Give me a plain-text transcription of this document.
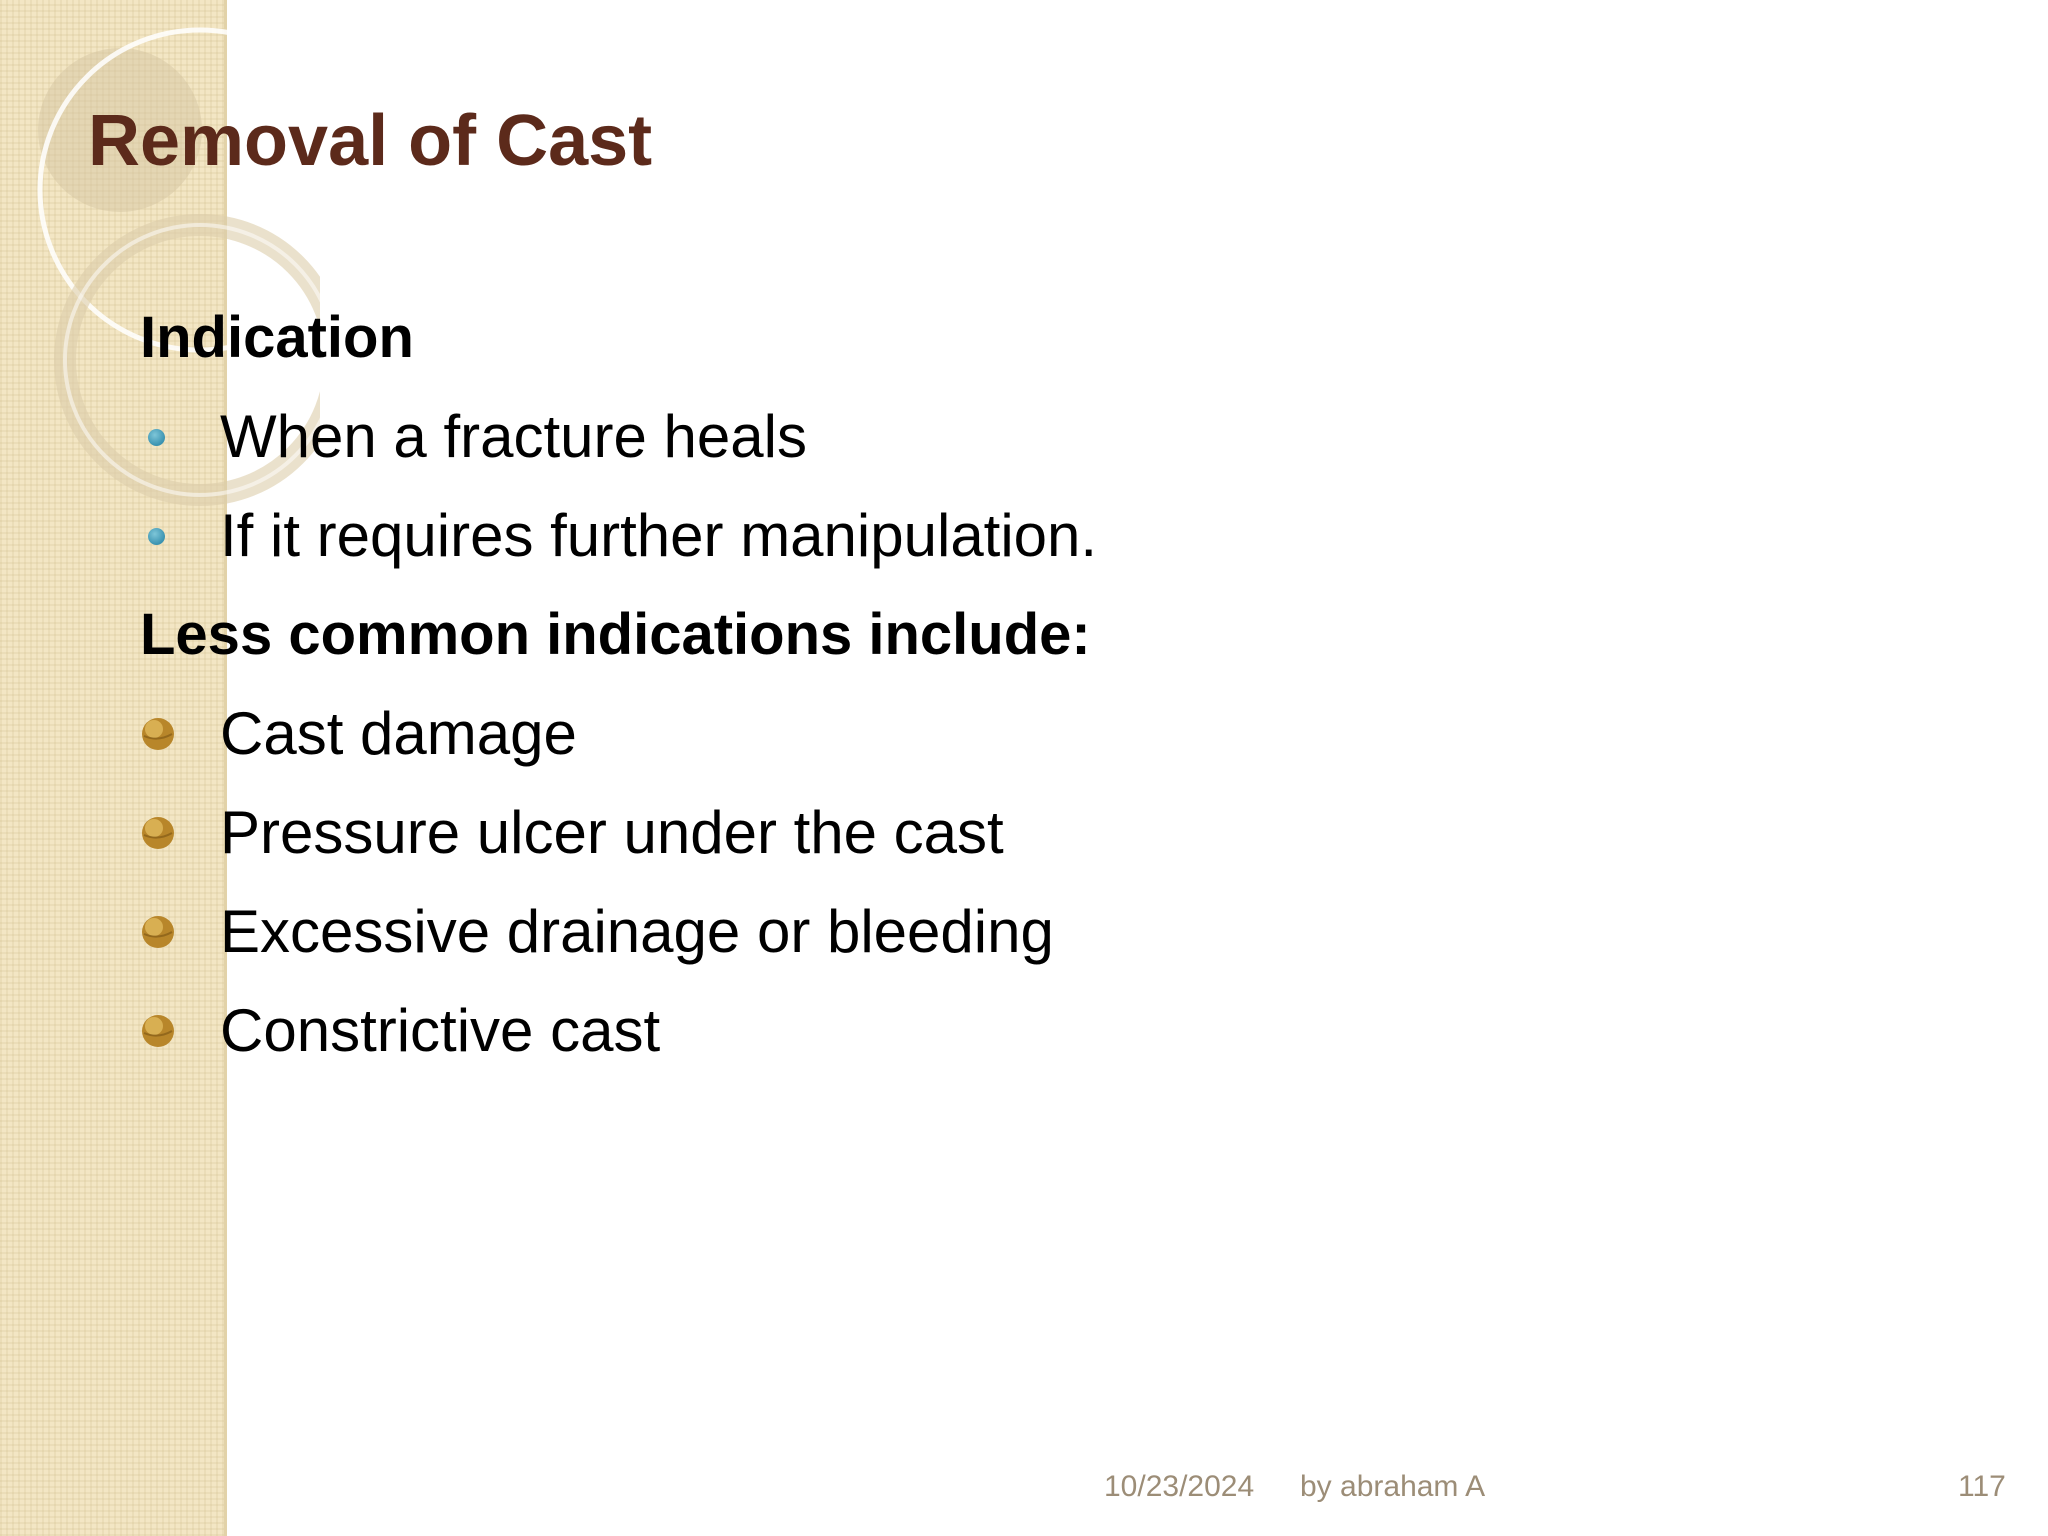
Removal of Cast
Indication
When a fracture heals
If it requires further manipulation.
Less common indications include:
Cast damage
Pressure ulcer under the cast
Excessive drainage or bleeding
Constrictive cast
10/23/2024 by abraham A	117
